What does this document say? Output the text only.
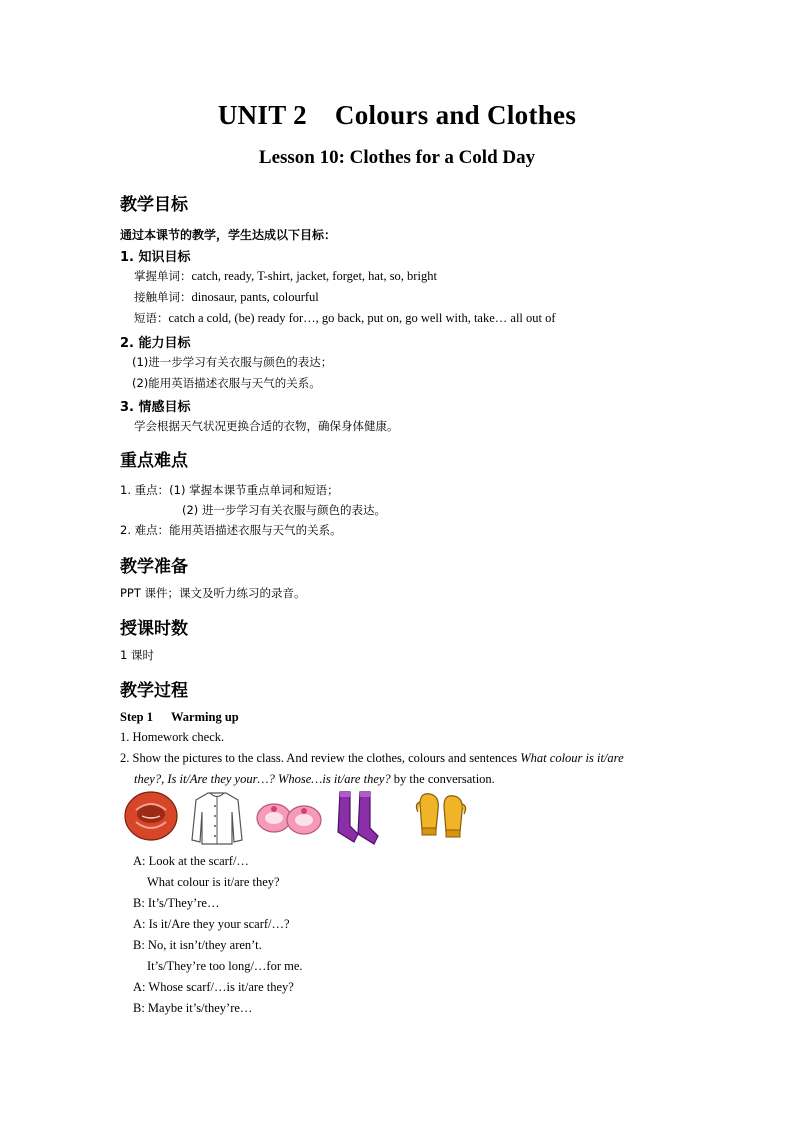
UNIT 2 Colours and Clothes
Lesson 10: Clothes for a Cold Day
教学目标
通过本课节的教学，学生达成以下目标：
1. 知识目标
掌握单词：catch, ready, T-shirt, jacket, forget, hat, so, bright
接触单词：dinosaur, pants, colourful
短语：catch a cold, (be) ready for…, go back, put on, go well with, take… all out of
2. 能力目标
(1)进一步学习有关衣服与颜色的表达；
(2)能用英语描述衣服与天气的关系。
3. 情感目标
学会根据天气状况更换合适的衣物，确保身体健康。
重点难点
1. 重点：(1) 掌握本课节重点单词和短语；
(2) 进一步学习有关衣服与颜色的表达。
2. 难点：能用英语描述衣服与天气的关系。
教学准备
PPT 课件；课文及听力练习的录音。
授课时数
1 课时
教学过程
Step 1 Warming up
1. Homework check.
2. Show the pictures to the class. And review the clothes, colours and sentences What colour is it/are
they?, Is it/Are they your…? Whose…is it/are they? by the conversation.
A: Look at the scarf/…
What colour is it/are they?
B: It’s/They’re…
A: Is it/Are they your scarf/…?
B: No, it isn’t/they aren’t.
It’s/They’re too long/…for me.
A: Whose scarf/…is it/are they?
B: Maybe it’s/they’re…
